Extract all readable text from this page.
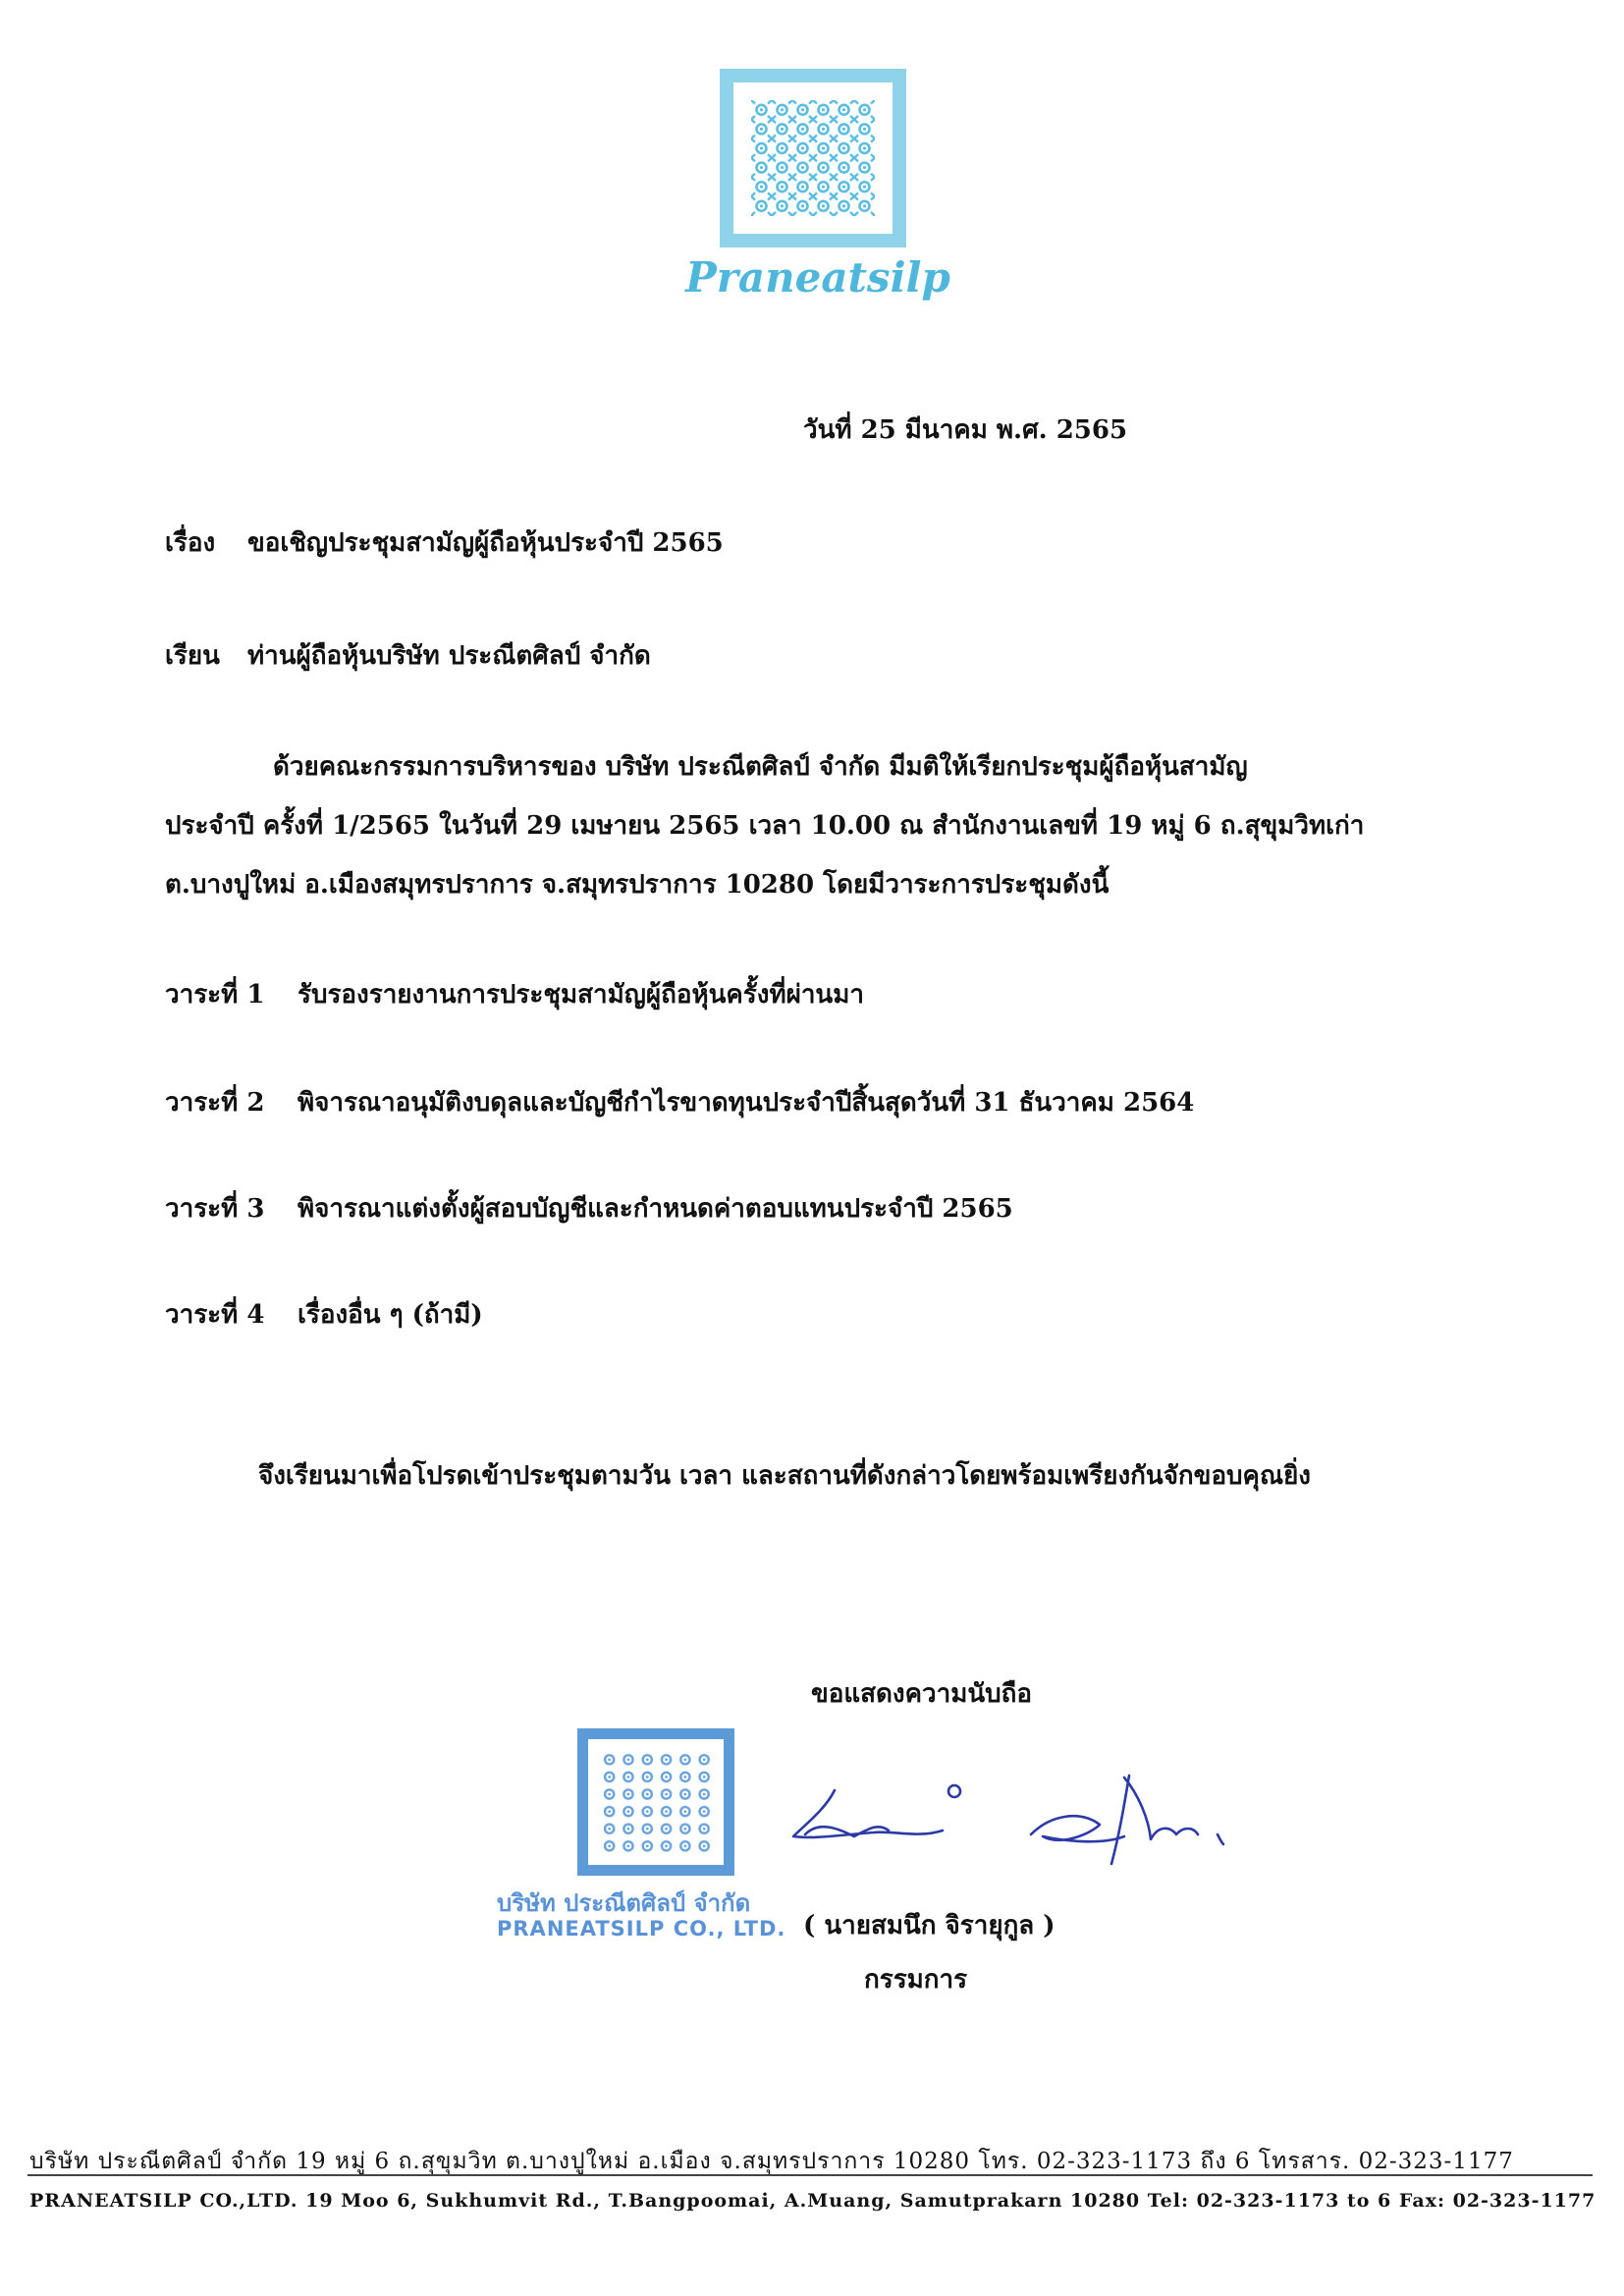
Praneatsilp
วันที่ 25 มีนาคม พ.ศ. 2565
เรื่อง ขอเชิญประชุมสามัญผู้ถือหุ้นประจำปี 2565
เรียน ท่านผู้ถือหุ้นบริษัท ประณีตศิลป์ จำกัด
ด้วยคณะกรรมการบริหารของ บริษัท ประณีตศิลป์ จำกัด มีมติให้เรียกประชุมผู้ถือหุ้นสามัญ
ประจำปี ครั้งที่ 1/2565 ในวันที่ 29 เมษายน 2565 เวลา 10.00 ณ สำนักงานเลขที่ 19 หมู่ 6 ถ.สุขุมวิทเก่า
ต.บางปูใหม่ อ.เมืองสมุทรปราการ จ.สมุทรปราการ 10280 โดยมีวาระการประชุมดังนี้
วาระที่ 1 รับรองรายงานการประชุมสามัญผู้ถือหุ้นครั้งที่ผ่านมา
วาระที่ 2 พิจารณาอนุมัติงบดุลและบัญชีกำไรขาดทุนประจำปีสิ้นสุดวันที่ 31 ธันวาคม 2564
วาระที่ 3 พิจารณาแต่งตั้งผู้สอบบัญชีและกำหนดค่าตอบแทนประจำปี 2565
วาระที่ 4 เรื่องอื่น ๆ (ถ้ามี)
จึงเรียนมาเพื่อโปรดเข้าประชุมตามวัน เวลา และสถานที่ดังกล่าวโดยพร้อมเพรียงกันจักขอบคุณยิ่ง
ขอแสดงความนับถือ
บริษัท ประณีตศิลป์ จำกัด
PRANEATSILP CO., LTD. ( นายสมนึก จิรายุกูล )
กรรมการ
บริษัท ประณีตศิลป์ จำกัด 19 หมู่ 6 ถ.สุขุมวิท ต.บางปูใหม่ อ.เมือง จ.สมุทรปราการ 10280 โทร. 02-323-1173 ถึง 6 โทรสาร. 02-323-1177
PRANEATSILP CO.,LTD. 19 Moo 6, Sukhumvit Rd., T.Bangpoomai, A.Muang, Samutprakarn 10280 Tel: 02-323-1173 to 6 Fax: 02-323-1177
